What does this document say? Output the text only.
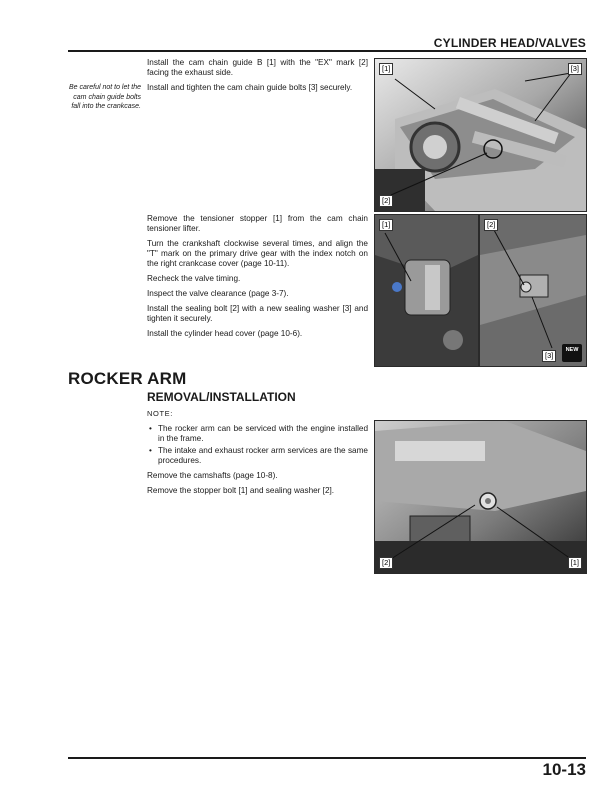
CYLINDER HEAD/VALVES
Be careful not to let the cam chain guide bolts fall into the crankcase.

Install the cam chain guide B [1] with the "EX" mark [2] facing the exhaust side.

Install and tighten the cam chain guide bolts [3] securely.

[1]	[3]
[2]

Remove the tensioner stopper [1] from the cam chain tensioner lifter.

Turn the crankshaft clockwise several times, and align the "T" mark on the primary drive gear with the index notch on the right crankcase cover (page 10-11).

Recheck the valve timing.

Inspect the valve clearance (page 3-7).

Install the sealing bolt [2] with a new sealing washer [3] and tighten it securely.

Install the cylinder head cover (page 10-6).

[1]	[2]
[3]
NEW
ROCKER ARM
REMOVAL/INSTALLATION

NOTE:

• The rocker arm can be serviced with the engine installed in the frame.
• The intake and exhaust rocker arm services are the same procedures.

Remove the camshafts (page 10-8).

Remove the stopper bolt [1] and sealing washer [2].

[2]	[1]
10-13
